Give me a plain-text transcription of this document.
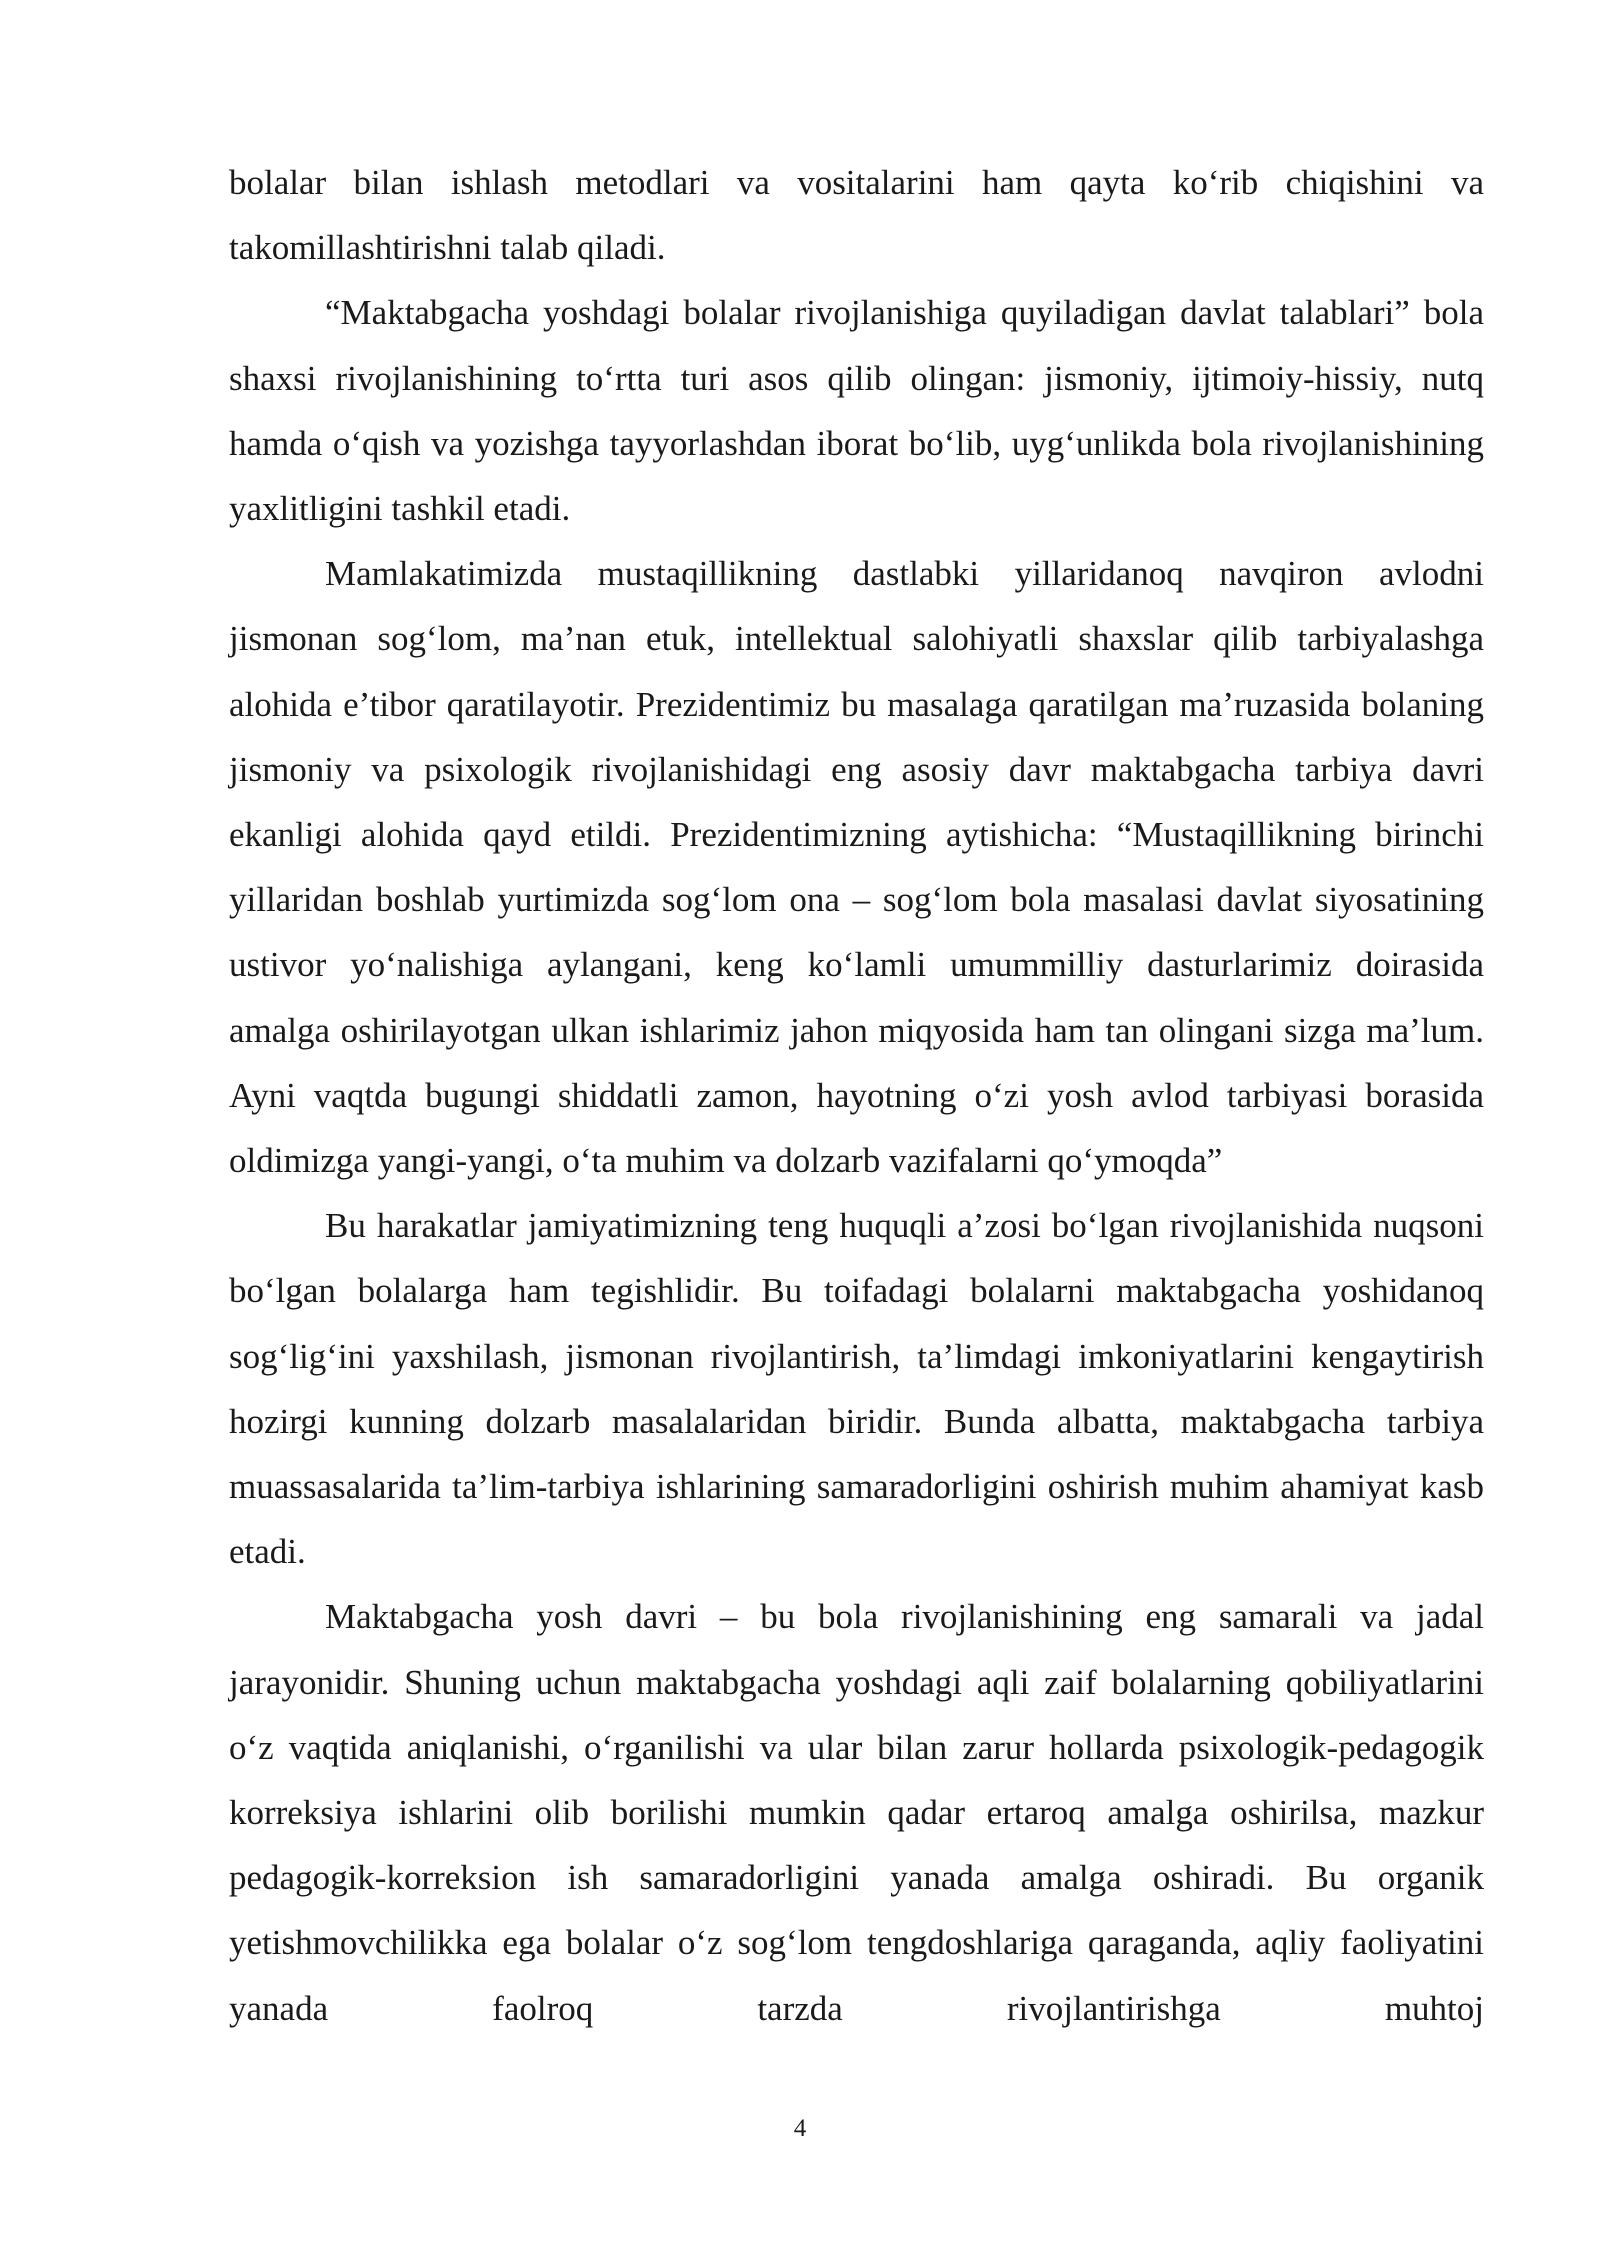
bolalar bilan ishlash metodlari va vositalarini ham qayta ko‘rib chiqishini va takomillashtirishni talab qiladi.

“Maktabgacha yoshdagi bolalar rivojlanishiga quyiladigan davlat talablari” bola shaxsi rivojlanishining to‘rtta turi asos qilib olingan: jismoniy, ijtimoiy-hissiy, nutq hamda o‘qish va yozishga tayyorlashdan iborat bo‘lib, uyg‘unlikda bola rivojlanishining yaxlitligini tashkil etadi.

Mamlakatimizda mustaqillikning dastlabki yillaridanoq navqiron avlodni jismonan sog‘lom, ma’nan etuk, intellektual salohiyatli shaxslar qilib tarbiyalashga alohida e’tibor qaratilayotir. Prezidentimiz bu masalaga qaratilgan ma’ruzasida bolaning jismoniy va psixologik rivojlanishidagi eng asosiy davr maktabgacha tarbiya davri ekanligi alohida qayd etildi. Prezidentimizning aytishicha: “Mustaqillikning birinchi yillaridan boshlab yurtimizda sog‘lom ona – sog‘lom bola masalasi davlat siyosatining ustivor yo‘nalishiga aylangani, keng ko‘lamli umummilliy dasturlarimiz doirasida amalga oshirilayotgan ulkan ishlarimiz jahon miqyosida ham tan olingani sizga ma’lum. Ayni vaqtda bugungi shiddatli zamon, hayotning o‘zi yosh avlod tarbiyasi borasida oldimizga yangi-yangi, o‘ta muhim va dolzarb vazifalarni qo‘ymoqda”

Bu harakatlar jamiyatimizning teng huquqli a’zosi bo‘lgan rivojlanishida nuqsoni bo‘lgan bolalarga ham tegishlidir. Bu toifadagi bolalarni maktabgacha yoshidanoq sog‘lig‘ini yaxshilash, jismonan rivojlantirish, ta’limdagi imkoniyatlarini kengaytirish hozirgi kunning dolzarb masalalaridan biridir. Bunda albatta, maktabgacha tarbiya muassasalarida ta’lim-tarbiya ishlarining samaradorligini oshirish muhim ahamiyat kasb etadi.

Maktabgacha yosh davri – bu bola rivojlanishining eng samarali va jadal jarayonidir. Shuning uchun maktabgacha yoshdagi aqli zaif bolalarning qobiliyatlarini o‘z vaqtida aniqlanishi, o‘rganilishi va ular bilan zarur hollarda psixologik-pedagogik korreksiya ishlarini olib borilishi mumkin qadar ertaroq amalga oshirilsa, mazkur pedagogik-korreksion ish samaradorligini yanada amalga oshiradi. Bu organik yetishmovchilikka ega bolalar o‘z sog‘lom tengdoshlariga qaraganda, aqliy faoliyatini yanada faolroq tarzda rivojlantirishga muhtoj

4
